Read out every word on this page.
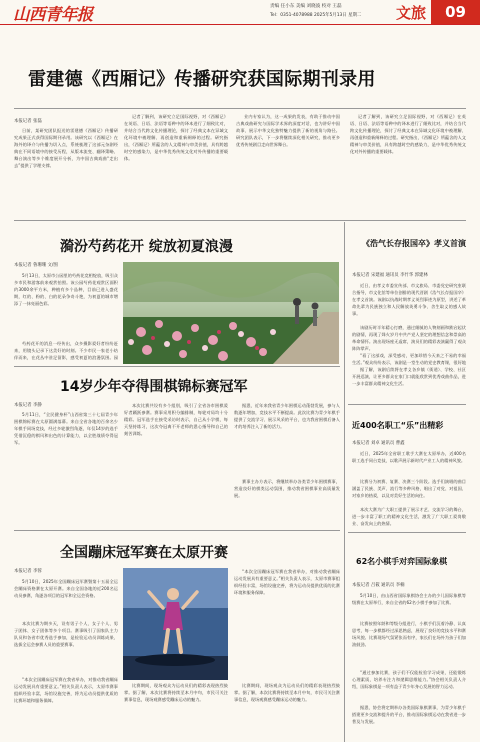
山西青年报	责编 任小东 美编 刘晓波 校对 王磊
Tel：0351-4078988 2025年5月13日 星期二 文旅	09
雷建德《西厢记》传播研究获国际期刊录用
本报记者 张磊
日前，某研究团队报送的雷建德《西厢记》传播研究成果正式获得国际期刊录用。该研究以《西厢记》在海外的译介与传播为切入点，系统梳理了这部元杂剧经典在不同语境中的接受历程，从版本流变、翻译策略、舞台演出等多个维度展开分析，为中国古典戏曲“走出去”提供了学理支撑。
记者了解到，该研究立足国际视野，对《西厢记》在英语、日语、法语等语种中的译本进行了细致比对，并结合当代跨文化传播理论，探讨了经典文本在异域文化环境中被理解、再创造和重新阐释的过程。研究指出，《西厢记》所蕴含的人文精神与审美价值，具有跨越时空的感染力，是中华优秀传统文化对外传播的重要载体。
业内专家认为，这一成果的发表，有助于推动中国古典戏曲研究与国际学术界的深度对话，也为讲好中国故事、展示中华文化独特魅力提供了新的视角与路径。研究团队表示，下一步将继续深化相关研究，推动更多优秀传统剧目走向世界舞台。
记者了解到，该研究立足国际视野，对《西厢记》在英语、日语、法语等语种中的译本进行了细致比对，并结合当代跨文化传播理论，探讨了经典文本在异域文化环境中被理解、再创造和重新阐释的过程。研究指出，《西厢记》所蕴含的人文精神与审美价值，具有跨越时空的感染力，是中华优秀传统文化对外传播的重要载体。
漪汾芍药花开 绽放初夏浪漫
本报记者 鲁珊珊 文/图
5月13日，太原市公园里的芍药花竞相绽放，吸引众多市民和游客前来观赏拍照。该公园芍药花观赏区面积约3000余平方米，种植有多个品种，目前已进入盛花期，红的、粉的、白的花朵争奇斗艳，为初夏的城市增添了一抹亮丽色彩。
芍药花开的消息一经传出，众多摄影爱好者纷纷赶来，用镜头记录下这美好的时刻。不少市民一家老小结伴而来，在花丛中驻足留影，感受初夏的浪漫氛围。园
《浩气长存报国卒》孝义首演
本报记者 宋建福 通讯员 李竹华 郭建林
近日，由孝义市委宣传部、市文旅局、市委党史研究室联合指导，市文化馆等单位创排的现代晋剧《浩气长存报国卒》在孝义首演。该剧以抗战时期孝义英烈事迹为原型，讲述了革命先辈为民族独立和人民解放英勇斗争、舍生取义的感人故事。
该剧历时半年精心打磨，通过细腻的人物刻画和跌宕起伏的剧情，再现了烽火岁月中共产党人坚定的理想信念和崇高的革命情怀。演出现场座无虚席，演员们的精彩表演赢得了观众阵阵掌声。
“看了这部戏，深受感动，更加珍惜今天来之不易的幸福生活。”观众纷纷表示，该剧是一堂生动的党史教育课，很好地
据了解，该剧后续将在孝义各乡镇（街道）、学校、社区开展巡演，让更多群众在家门口就能欣赏到优秀戏曲作品，进一步丰富群众精神文化生活。
14岁少年夺得围棋锦标赛冠军
本报记者 李静
5月11日，“全民健身杯”山西省第三十七届青少年围棋锦标赛在太原圆满落幕。来自全省各地的百余名少年棋手同场竞技，经过多轮激烈角逐，年仅14岁的选手凭借沉稳的棋风和出色的计算能力，以全胜战绩夺得冠军。
本次比赛共设有多个组别，吸引了全省各市围棋爱好者踊跃参赛。赛事采用积分编排制，每轮对局均十分精彩。冠军选手在接受采访时表示，自己从小学棋，每天坚持练习，这次夺冠离不开老师的悉心指导和自己的刻苦训练。
据悉，近年来我省青少年围棋运动蓬勃发展，参与人数逐年增加，竞技水平不断提高。此次比赛为青少年棋手提供了交流学习、展示风采的平台，也为我省围棋后备人才的培养注入了新的活力。
赛事主办方表示，将继续举办各类青少年围棋赛事，营造良好的棋类运动氛围，推动我省围棋事业高质量发展。
近400名职工“乐”出精彩
本报记者 刘卓 通讯员 曹鑫
近日，2025年全省职工歌手大赛在太原举办，近400名职工选手同台竞技，以歌声展示新时代产业工人的精神风貌。
比赛分为初赛、复赛、决赛三个阶段。选手们演唱的曲目涵盖了民族、美声、流行等多种风格，唱出了对党、对祖国、对家乡的热爱，以及对美好生活的向往。
本次大赛为广大职工提供了展示才艺、交流学习的舞台，进一步丰富了职工的精神文化生活，激发了广大职工爱岗敬业、奋发向上的热情。
62名小棋手对弈国际象棋
本报记者 吕筱 通讯员 李楠
5月10日，由山西省国际象棋协会主办的少儿国际象棋等级赛在太原举行，来自全省的62名小棋手参加了比赛。
比赛按照年龄和等级分组进行，小棋手们沉着冷静、认真思考，每一步棋都经过深思熟虑，展现了良好的竞技水平和赛场风貌。比赛现场气氛紧张而有序，家长们在场外为孩子们加油鼓劲。
“通过参加比赛，孩子们不仅能检验学习成果，还能锻炼心理素质，培养专注力和逻辑思维能力。”协会相关负责人介绍，国际象棋是一项有益于青少年身心发展的智力运动。
据悉，协会将定期举办各类国际象棋赛事，为青少年棋手搭建更多交流和提升的平台，推动国际象棋运动在我省进一步普及与发展。
全国蹦床冠军赛在太原开赛
本报记者 李蓉
5月10日，2025年全国蹦床冠军赛暨第十五届全运会蹦床资格赛在太原开赛。来自全国各地的近200名运动员参赛，角逐各项目的冠军和全运会资格。
本次比赛为期多天，设有男子个人、女子个人、男子团体、女子团体等多个项目。赛事吸引了国家队主力队员和各省市优秀选手参加，是检验运动员训练成果、选拔全运会参赛人员的重要赛事。
“本次全国蹦床冠军赛在我省举办，对推动我省蹦床运动发展具有重要意义。”相关负责人表示，太原市赛事组织经验丰富，场馆设施完善，将为运动员提供优质的比赛环境和服务保障。
比赛期间，现场观众为运动员们的精彩表现热烈鼓掌。据了解，本次比赛将持续至本月中旬，市民可关注赛事信息，现场观赛感受蹦床运动的魅力。
“本次全国蹦床冠军赛在我省举办，对推动我省蹦床运动发展具有重要意义。”相关负责人表示，太原市赛事组织经验丰富，场馆设施完善，将为运动员提供优质的比赛环境和服务保障。
比赛期间，现场观众为运动员们的精彩表现热烈鼓掌。据了解，本次比赛将持续至本月中旬，市民可关注赛事信息，现场观赛感受蹦床运动的魅力。
